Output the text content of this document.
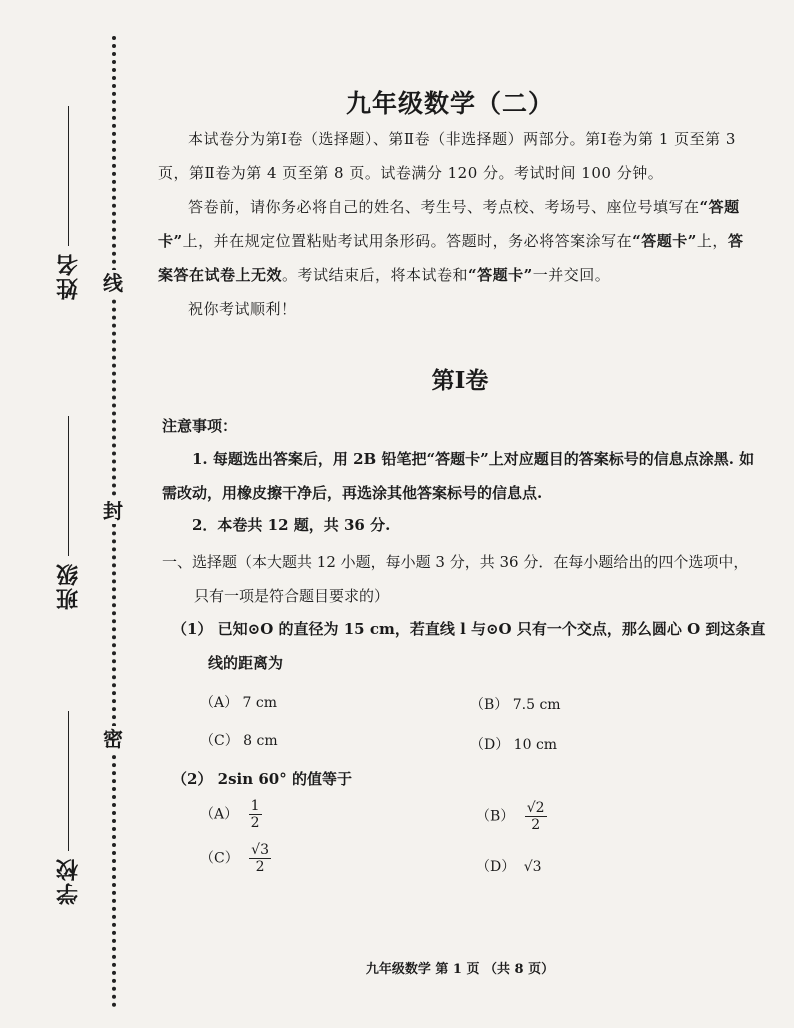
线
封
密
姓名
班级
学校
九年级数学（二）

本试卷分为第Ⅰ卷（选择题）、第Ⅱ卷（非选择题）两部分。第Ⅰ卷为第 1 页至第 3 页，第Ⅱ卷为第 4 页至第 8 页。试卷满分 120 分。考试时间 100 分钟。

答卷前，请你务必将自己的姓名、考生号、考点校、考场号、座位号填写在“答题卡”上，并在规定位置粘贴考试用条形码。答题时，务必将答案涂写在“答题卡”上，答案答在试卷上无效。考试结束后，将本试卷和“答题卡”一并交回。

祝你考试顺利！

第Ⅰ卷
注意事项：
1. 每题选出答案后，用 2B 铅笔把“答题卡”上对应题目的答案标号的信息点涂黑. 如需改动，用橡皮擦干净后，再选涂其他答案标号的信息点.
2．本卷共 12 题，共 36 分.
一、选择题（本大题共 12 小题，每小题 3 分，共 36 分．在每小题给出的四个选项中，只有一项是符合题目要求的）
（1） 已知⊙O 的直径为 15 cm，若直线 l 与⊙O 只有一个交点，那么圆心 O 到这条直线的距离为
（A） 7 cm	（B） 7.5 cm
（C） 8 cm	（D） 10 cm
（2） 2sin 60° 的值等于
$(A) \frac{1}{2}$	$(B) \frac{√2}{2}$
$(C) \frac{√3}{2}$	（D） √3
九年级数学 第 1 页 （共 8 页）
